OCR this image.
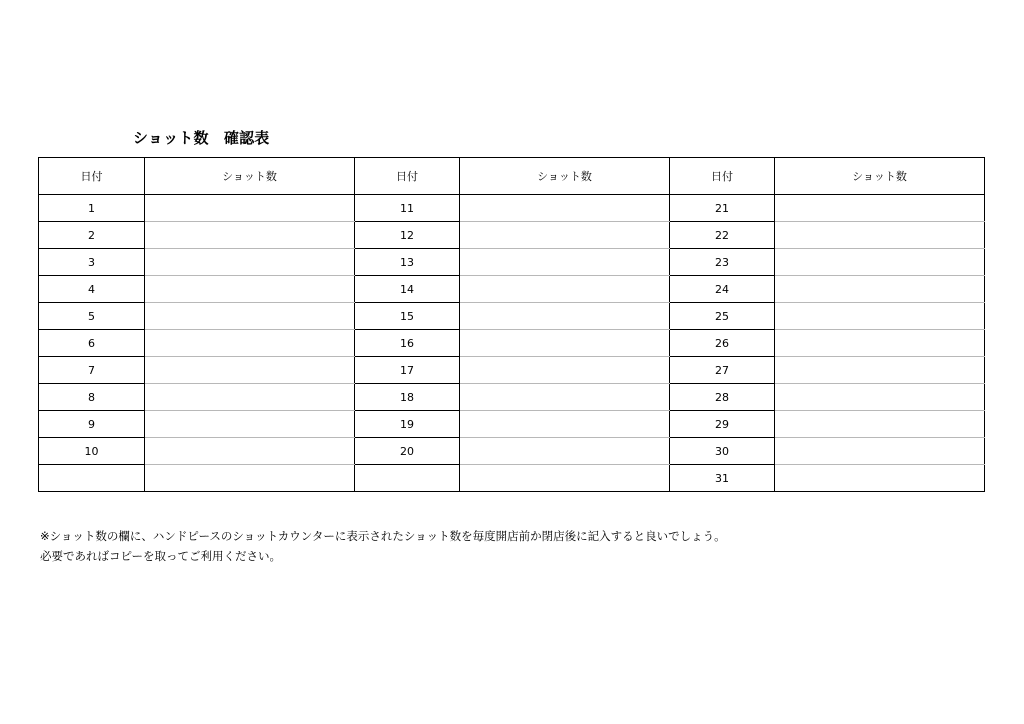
ショット数　確認表
日付	ショット数	日付	ショット数	日付	ショット数
1		11		21	
2		12		22	
3		13		23	
4		14		24	
5		15		25	
6		16		26	
7		17		27	
8		18		28	
9		19		29	
10		20		30	
				31	
※ショット数の欄に、ハンドピースのショットカウンターに表示されたショット数を毎度開店前か閉店後に記入すると良いでしょう。
必要であればコピーを取ってご利用ください。
